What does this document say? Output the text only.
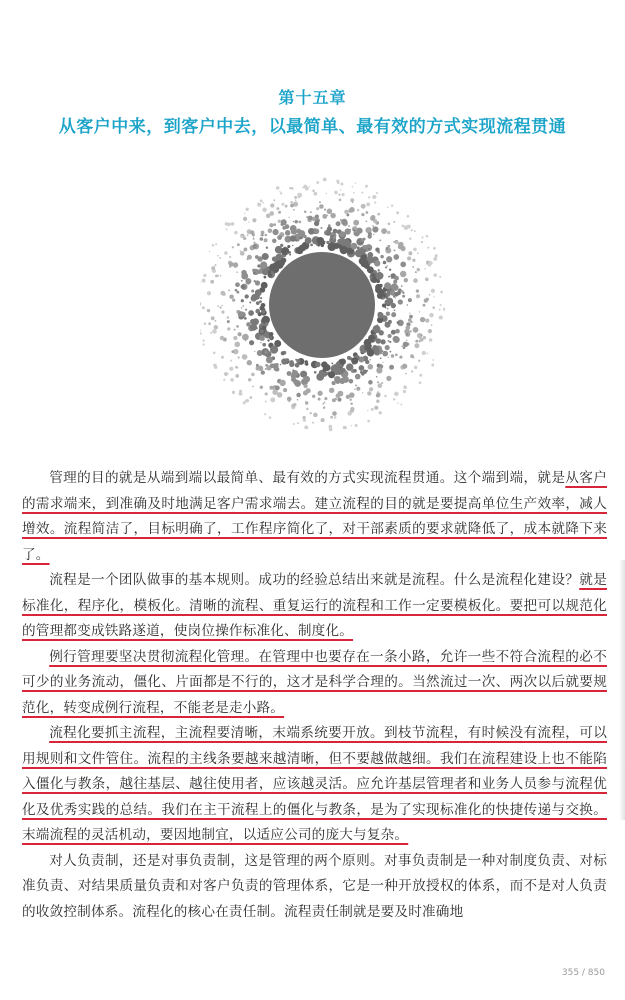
第十五章
从客户中来，到客户中去，以最简单、最有效的方式实现流程贯通

管理的目的就是从端到端以最简单、最有效的方式实现流程贯通。这个端到端，就是从客户的需求端来，到准确及时地满足客户需求端去。建立流程的目的就是要提高单位生产效率，减人增效。流程简洁了，目标明确了，工作程序简化了，对干部素质的要求就降低了，成本就降下来了。

流程是一个团队做事的基本规则。成功的经验总结出来就是流程。什么是流程化建设？就是标准化，程序化，模板化。清晰的流程、重复运行的流程和工作一定要模板化。要把可以规范化的管理都变成铁路遂道，使岗位操作标准化、制度化。

例行管理要坚决贯彻流程化管理。在管理中也要存在一条小路，允许一些不符合流程的必不可少的业务流动，僵化、片面都是不行的，这才是科学合理的。当然流过一次、两次以后就要规范化，转变成例行流程，不能老是走小路。

流程化要抓主流程，主流程要清晰，末端系统要开放。到枝节流程，有时候没有流程，可以用规则和文件管住。流程的主线条要越来越清晰，但不要越做越细。我们在流程建设上也不能陷入僵化与教条，越往基层、越往使用者，应该越灵活。应允许基层管理者和业务人员参与流程优化及优秀实践的总结。我们在主干流程上的僵化与教条，是为了实现标准化的快捷传递与交换。末端流程的灵活机动，要因地制宜，以适应公司的庞大与复杂。

对人负责制，还是对事负责制，这是管理的两个原则。对事负责制是一种对制度负责、对标准负责、对结果质量负责和对客户负责的管理体系，它是一种开放授权的体系，而不是对人负责的收敛控制体系。流程化的核心在责任制。流程责任制就是要及时准确地

355 / 850
